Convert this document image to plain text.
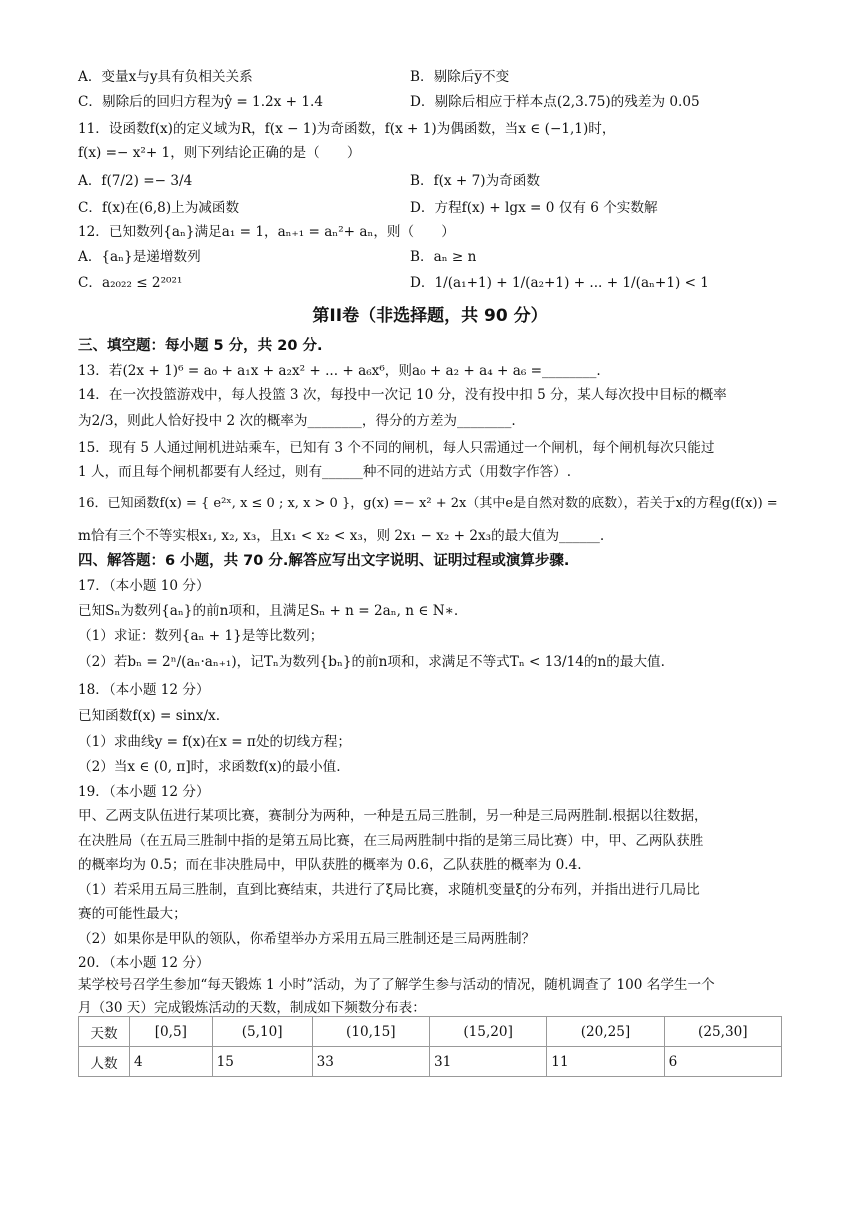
A．变量x与y具有负相关关系	B．剔除后y̅不变
C．剔除后的回归方程为ŷ = 1.2x + 1.4	D．剔除后相应于样本点(2,3.75)的残差为 0.05
11．设函数f(x)的定义域为R，f(x − 1)为奇函数，f(x + 1)为偶函数，当x ∈ (−1,1)时，
f(x) =− x²+ 1，则下列结论正确的是（　　）
A．f(7/2) =− 3/4	B．f(x + 7)为奇函数
C．f(x)在(6,8)上为减函数	D．方程f(x) + lgx = 0 仅有 6 个实数解
12．已知数列{aₙ}满足a₁ = 1，aₙ₊₁ = aₙ²+ aₙ，则（　　）
A．{aₙ}是递增数列	B．aₙ ≥ n
C．a₂₀₂₂ ≤ 2²⁰²¹	D．1/(a₁+1) + 1/(a₂+1) + ... + 1/(aₙ+1) < 1
第II卷（非选择题，共 90 分）
三、填空题：每小题 5 分，共 20 分.
13．若(2x + 1)⁶ = a₀ + a₁x + a₂x² + ... + a₆x⁶，则a₀ + a₂ + a₄ + a₆ =________.
14．在一次投篮游戏中，每人投篮 3 次，每投中一次记 10 分，没有投中扣 5 分，某人每次投中目标的概率
为2/3，则此人恰好投中 2 次的概率为________，得分的方差为________.
15．现有 5 人通过闸机进站乘车，已知有 3 个不同的闸机，每人只需通过一个闸机，每个闸机每次只能过
1 人，而且每个闸机都要有人经过，则有______种不同的进站方式（用数字作答）.
16．已知函数f(x) = { e²ˣ, x ≤ 0 ; x, x > 0 }，g(x) =− x² + 2x（其中e是自然对数的底数），若关于x的方程g(f(x)) =
m恰有三个不等实根x₁, x₂, x₃，且x₁ < x₂ < x₃，则 2x₁ − x₂ + 2x₃的最大值为______.
四、解答题：6 小题，共 70 分.解答应写出文字说明、证明过程或演算步骤.
17．（本小题 10 分）
已知Sₙ为数列{aₙ}的前n项和，且满足Sₙ + n = 2aₙ, n ∈ N∗.
（1）求证：数列{aₙ + 1}是等比数列；
（2）若bₙ = 2ⁿ/(aₙ·aₙ₊₁)，记Tₙ为数列{bₙ}的前n项和，求满足不等式Tₙ < 13/14的n的最大值.
18．（本小题 12 分）
已知函数f(x) = sinx/x.
（1）求曲线y = f(x)在x = π处的切线方程；
（2）当x ∈ (0, π]时，求函数f(x)的最小值.
19．（本小题 12 分）
甲、乙两支队伍进行某项比赛，赛制分为两种，一种是五局三胜制，另一种是三局两胜制.根据以往数据，
在决胜局（在五局三胜制中指的是第五局比赛，在三局两胜制中指的是第三局比赛）中，甲、乙两队获胜
的概率均为 0.5；而在非决胜局中，甲队获胜的概率为 0.6，乙队获胜的概率为 0.4.
（1）若采用五局三胜制，直到比赛结束，共进行了ξ局比赛，求随机变量ξ的分布列，并指出进行几局比
赛的可能性最大；
（2）如果你是甲队的领队，你希望举办方采用五局三胜制还是三局两胜制？
20．（本小题 12 分）
某学校号召学生参加“每天锻炼 1 小时”活动，为了了解学生参与活动的情况，随机调查了 100 名学生一个
月（30 天）完成锻炼活动的天数，制成如下频数分布表：
天数	[0,5]	(5,10]	(10,15]	(15,20]	(20,25]	(25,30]
人数	4	15	33	31	11	6
